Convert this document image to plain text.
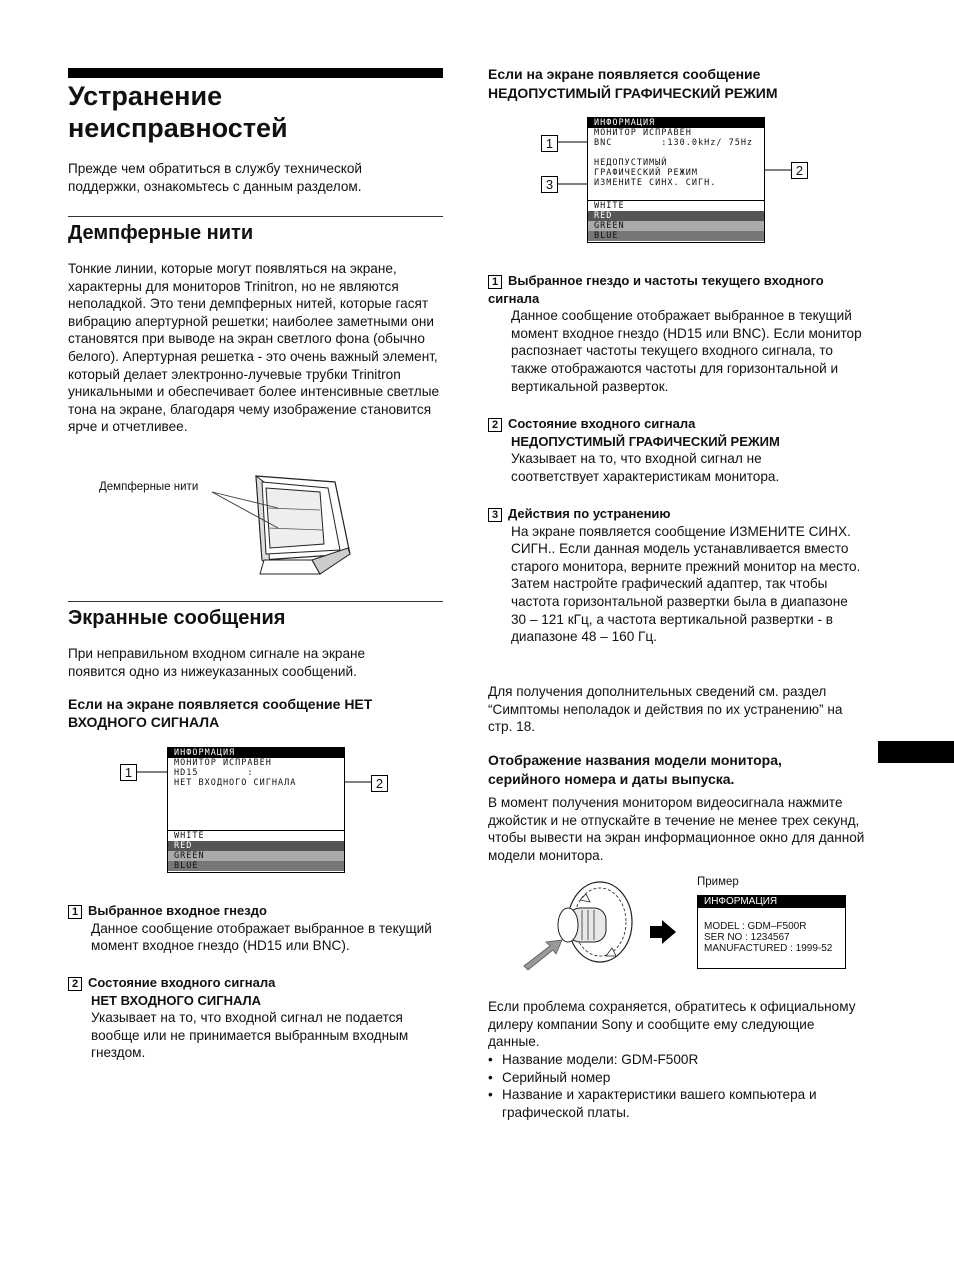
Устранение неисправностей

Прежде чем обратиться в службу технической поддержки, ознакомьтесь с данным разделом.

Демпферные нити

Тонкие линии, которые могут появляться на экране, характерны для мониторов Trinitron, но не являются неполадкой. Это тени демпферных нитей, которые гасят вибрацию апертурной решетки; наиболее заметными они становятся при выводе на экран светлого фона (обычно белого). Апертурная решетка - это очень важный элемент, который делает электронно-лучевые трубки Trinitron уникальными и обеспечивает более интенсивные светлые тона на экране, благодаря чему изображение становится ярче и отчетливее.

Демпферные нити

Экранные сообщения

При неправильном входном сигнале на экране появится одно из нижеуказанных сообщений.

Если на экране появляется сообщение НЕТ ВХОДНОГО СИГНАЛА

1
2
ИНФОРМАЦИЯ
МОНИТОР ИСПРАВЕН
HD15        :
НЕТ ВХОДНОГО СИГНАЛА
WHITE
RED
GREEN
BLUE
1 Выбранное входное гнездо

Данное сообщение отображает выбранное в текущий момент входное гнездо (HD15 или BNC).

2 Состояние входного сигнала

НЕТ ВХОДНОГО СИГНАЛА

Указывает на то, что входной сигнал не подается вообще или не принимается выбранным входным гнездом.

Если на экране появляется сообщение

НЕДОПУСТИМЫЙ ГРАФИЧЕСКИЙ РЕЖИМ

1
3
2
ИНФОРМАЦИЯ
МОНИТОР ИСПРАВЕН
BNC        :130.0kHz/ 75Hz
НЕДОПУСТИМЫЙ
ГРАФИЧЕСКИЙ РЕЖИМ
ИЗМЕНИТЕ СИНХ. СИГН.
WHITE
RED
GREEN
BLUE
1 Выбранное гнездо и частоты текущего входного сигнала

Данное сообщение отображает выбранное в текущий момент входное гнездо (HD15 или BNC). Если монитор распознает частоты текущего входного сигнала, то также отображаются частоты для горизонтальной и вертикальной разверток.

2 Состояние входного сигнала

НЕДОПУСТИМЫЙ ГРАФИЧЕСКИЙ РЕЖИМ

Указывает на то, что входной сигнал не соответствует характеристикам монитора.

3 Действия по устранению

На экране появляется сообщение ИЗМЕНИТЕ СИНХ. СИГН.. Если данная модель устанавливается вместо старого монитора, верните прежний монитор на место. Затем настройте графический адаптер, так чтобы частота горизонтальной развертки была в диапазоне 30 – 121 кГц, а частота вертикальной развертки - в диапазоне 48 – 160 Гц.

Для получения дополнительных сведений см. раздел “Симптомы неполадок и действия по их устранению” на стр. 18.

Отображение названия модели монитора, серийного номера и даты выпуска.

В момент получения монитором видеосигнала нажмите джойстик и не отпускайте в течение не менее трех секунд, чтобы вывести на экран информационное окно для данной модели монитора.

Пример
ИНФОРМАЦИЯ
MODEL : GDM–F500R
SER NO : 1234567
MANUFACTURED : 1999-52

Если проблема сохраняется, обратитесь к официальному дилеру компании Sony и сообщите ему следующие данные.

• Название модели: GDM-F500R
• Серийный номер
• Название и характеристики вашего компьютера и графической платы.
